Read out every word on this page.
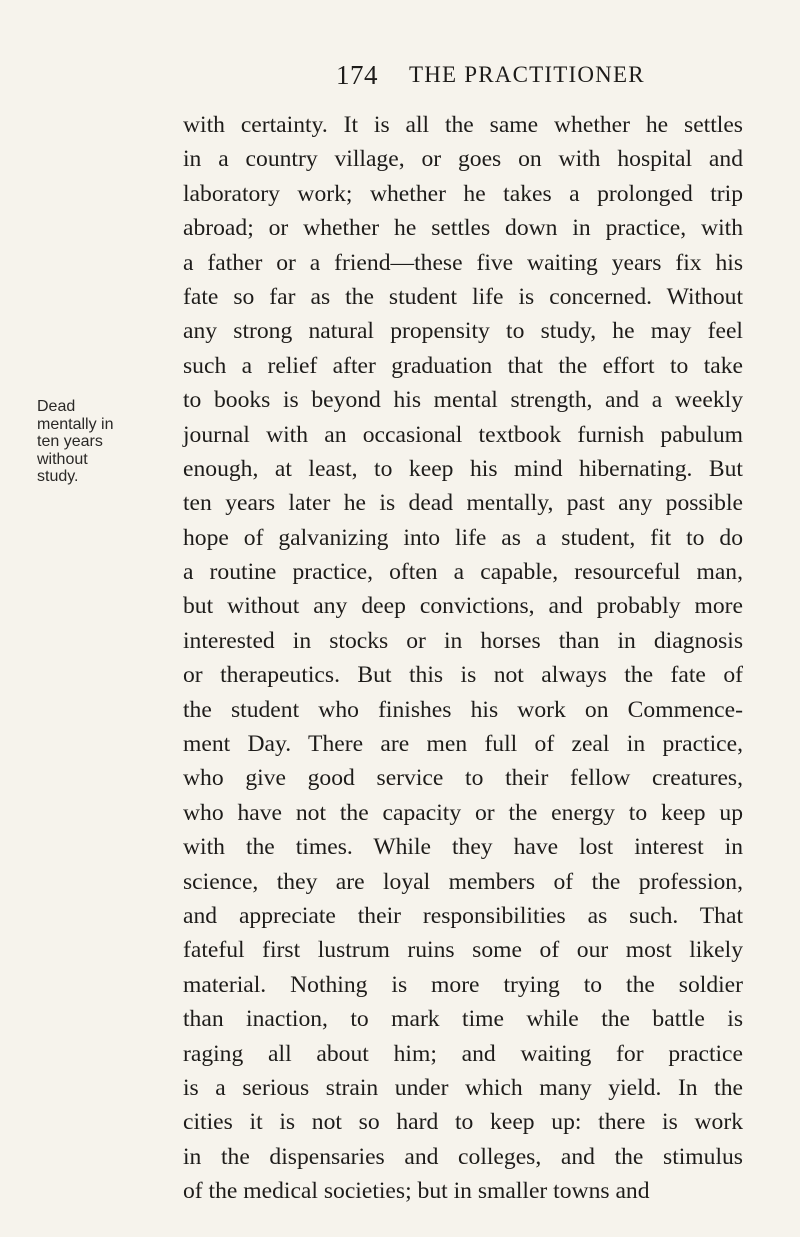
174 THE PRACTITIONER
Dead
mentally in
ten years
without
study.
with certainty. It is all the same whether he settles
in a country village, or goes on with hospital and
laboratory work; whether he takes a prolonged trip
abroad; or whether he settles down in practice, with
a father or a friend—these five waiting years fix his
fate so far as the student life is concerned. Without
any strong natural propensity to study, he may feel
such a relief after graduation that the effort to take
to books is beyond his mental strength, and a weekly
journal with an occasional textbook furnish pabulum
enough, at least, to keep his mind hibernating. But
ten years later he is dead mentally, past any possible
hope of galvanizing into life as a student, fit to do
a routine practice, often a capable, resourceful man,
but without any deep convictions, and probably more
interested in stocks or in horses than in diagnosis
or therapeutics. But this is not always the fate of
the student who finishes his work on Commence-
ment Day. There are men full of zeal in practice,
who give good service to their fellow creatures,
who have not the capacity or the energy to keep up
with the times. While they have lost interest in
science, they are loyal members of the profession,
and appreciate their responsibilities as such. That
fateful first lustrum ruins some of our most likely
material. Nothing is more trying to the soldier
than inaction, to mark time while the battle is
raging all about him; and waiting for practice
is a serious strain under which many yield. In the
cities it is not so hard to keep up: there is work
in the dispensaries and colleges, and the stimulus
of the medical societies; but in smaller towns and
